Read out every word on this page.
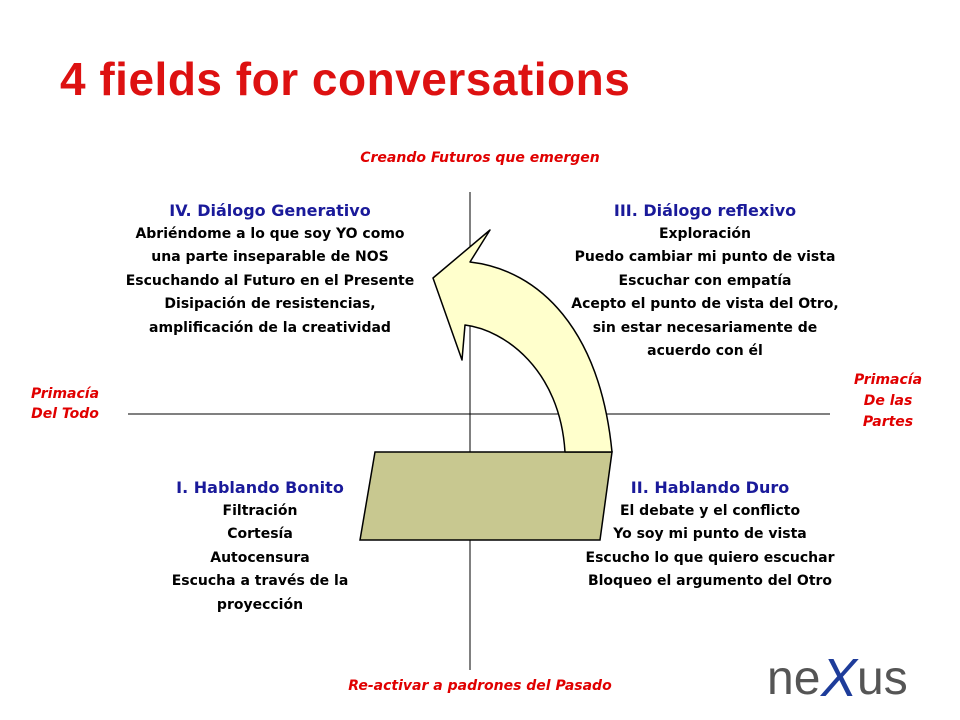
4 fields for conversations
Creando Futuros que emergen
Re-activar a padrones del Pasado
Primacía
Del Todo
Primacía
De las
Partes
IV. Diálogo Generativo
Abriéndome a lo que soy YO como
una parte inseparable de NOS
Escuchando al Futuro en el Presente
Disipación de resistencias,
amplificación de la creatividad
III. Diálogo reflexivo
Exploración
Puedo cambiar mi punto de vista
Escuchar con empatía
Acepto el punto de vista del Otro,
sin estar necesariamente de
acuerdo con él
I. Hablando Bonito
Filtración
Cortesía
Autocensura
Escucha a través de la
proyección
II. Hablando Duro
El debate y el conflicto
Yo soy mi punto de vista
Escucho lo que quiero escuchar
Bloqueo el argumento del Otro
ne X us
